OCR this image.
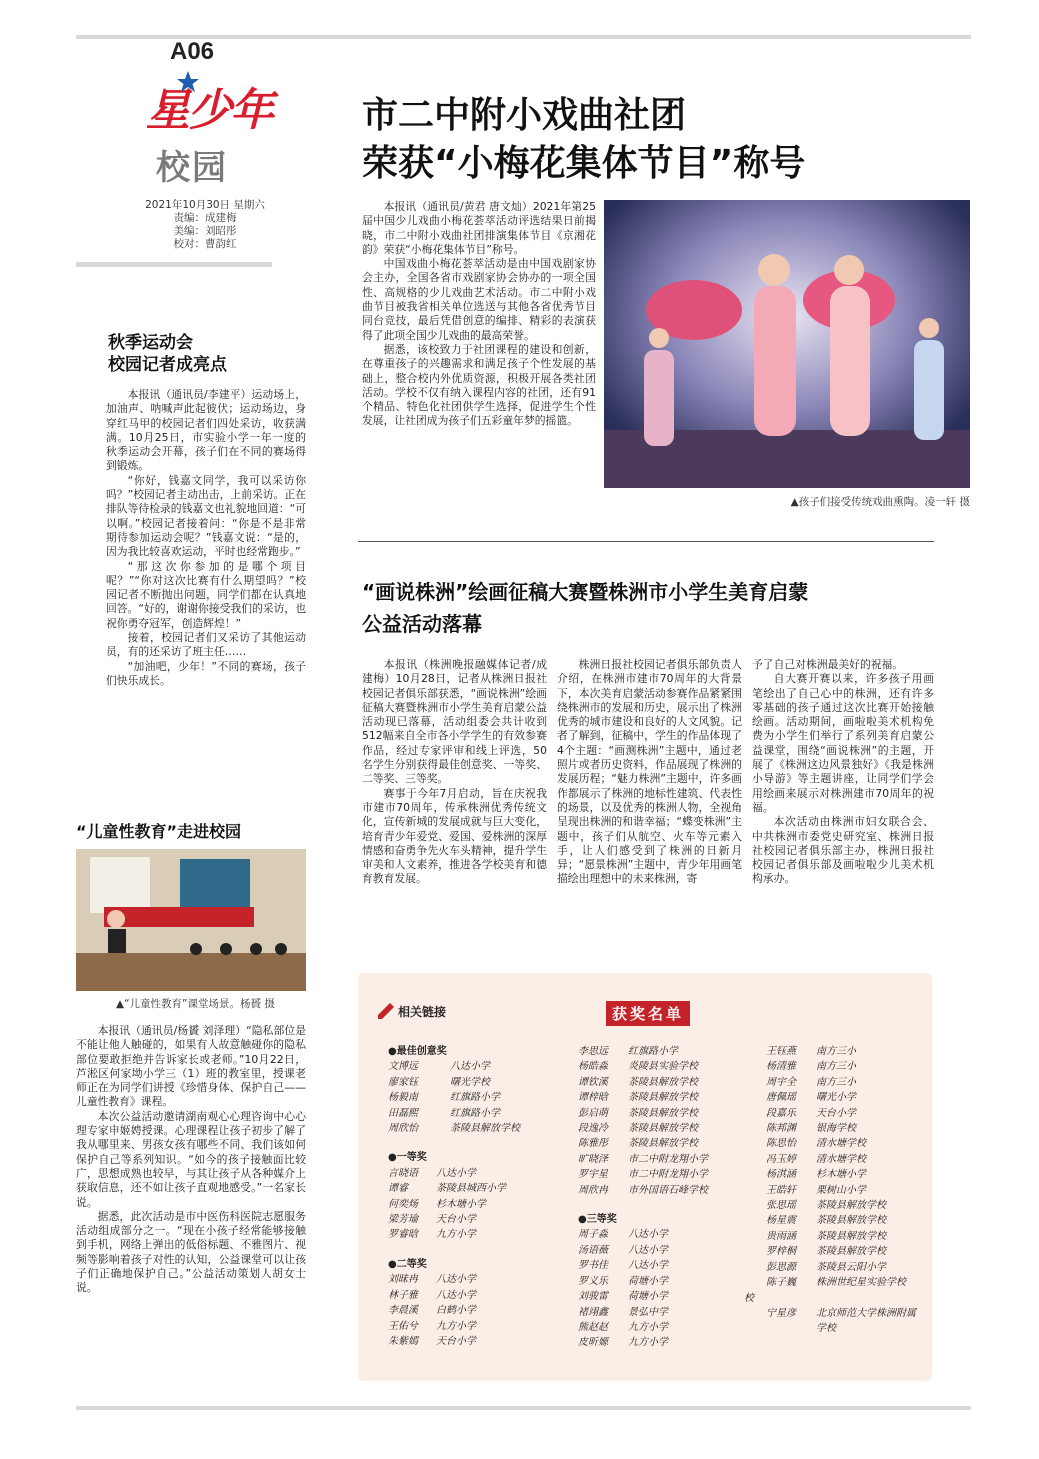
A06
星少年
校园
2021年10月30日 星期六
责编：成建梅
美编：刘昭彤
校对：曹韵红
市二中附小戏曲社团
荣获“小梅花集体节目”称号

本报讯（通讯员/黄君 唐文灿）2021年第25届中国少儿戏曲小梅花荟萃活动评选结果日前揭晓，市二中附小戏曲社团排演集体节目《京湘花韵》荣获“小梅花集体节目”称号。

中国戏曲小梅花荟萃活动是由中国戏剧家协会主办，全国各省市戏剧家协会协办的一项全国性、高规格的少儿戏曲艺术活动。市二中附小戏曲节目被我省相关单位选送与其他各省优秀节目同台竞技，最后凭借创意的编排、精彩的表演获得了此项全国少儿戏曲的最高荣誉。

据悉，该校致力于社团课程的建设和创新，在尊重孩子的兴趣需求和满足孩子个性发展的基础上，整合校内外优质资源，积极开展各类社团活动。学校不仅有纳入课程内容的社团，还有91个精品、特色化社团供学生选择，促进学生个性发展，让社团成为孩子们五彩童年梦的摇篮。

▲孩子们接受传统戏曲熏陶。凌一轩 摄
秋季运动会
校园记者成亮点

本报讯（通讯员/李建平）运动场上，加油声、呐喊声此起彼伏；运动场边，身穿红马甲的校园记者们四处采访，收获满满。10月25日，市实验小学一年一度的秋季运动会开幕，孩子们在不同的赛场得到锻炼。

“你好，钱嘉文同学，我可以采访你吗？”校园记者主动出击，上前采访。正在排队等待检录的钱嘉文也礼貌地回道：“可以啊。”校园记者接着问：“你是不是非常期待参加运动会呢？”钱嘉文说：“是的，因为我比较喜欢运动，平时也经常跑步。”

“那这次你参加的是哪个项目呢？”“你对这次比赛有什么期望吗？”校园记者不断抛出问题，同学们都在认真地回答。“好的，谢谢你接受我们的采访，也祝你勇夺冠军，创造辉煌！”

接着，校园记者们又采访了其他运动员，有的还采访了班主任……

“加油吧，少年！”不同的赛场，孩子们快乐成长。

“儿童性教育”走进校园
▲“儿童性教育”课堂场景。杨贇 摄

本报讯（通讯员/杨贇 刘泽理）“隐私部位是不能让他人触碰的，如果有人故意触碰你的隐私部位要敢拒绝并告诉家长或老师。”10月22日，芦淞区何家坳小学三（1）班的教室里，授课老师正在为同学们讲授《珍惜身体、保护自己——儿童性教育》课程。

本次公益活动邀请湖南观心心理咨询中心心理专家申姬娉授课。心理课程让孩子初步了解了我从哪里来、男孩女孩有哪些不同、我们该如何保护自己等系列知识。“如今的孩子接触面比较广，思想成熟也较早，与其让孩子从各种媒介上获取信息，还不如让孩子直观地感受。”一名家长说。

据悉，此次活动是市中医伤科医院志愿服务活动组成部分之一。“现在小孩子经常能够接触到手机，网络上弹出的低俗标题、不雅图片、视频等影响着孩子对性的认知，公益课堂可以让孩子们正确地保护自己。”公益活动策划人胡女士说。

“画说株洲”绘画征稿大赛暨株洲市小学生美育启蒙
公益活动落幕

本报讯（株洲晚报融媒体记者/成建梅）10月28日，记者从株洲日报社校园记者俱乐部获悉，“画说株洲”绘画征稿大赛暨株洲市小学生美育启蒙公益活动现已落幕，活动组委会共计收到512幅来自全市各小学学生的有效参赛作品，经过专家评审和线上评选，50名学生分别获得最佳创意奖、一等奖、二等奖、三等奖。

赛事于今年7月启动，旨在庆祝我市建市70周年，传承株洲优秀传统文化，宣传新城的发展成就与巨大变化，培育青少年爱党、爱国、爱株洲的深厚情感和奋勇争先火车头精神，提升学生审美和人文素养，推进各学校美育和德育教育发展。

株洲日报社校园记者俱乐部负责人介绍，在株洲市建市70周年的大背景下，本次美育启蒙活动参赛作品紧紧围绕株洲市的发展和历史，展示出了株洲优秀的城市建设和良好的人文风貌。记者了解到，征稿中，学生的作品体现了4个主题：“画测株洲”主题中，通过老照片或者历史资料，作品展现了株洲的发展历程；“魅力株洲”主题中，许多画作都展示了株洲的地标性建筑、代表性的场景，以及优秀的株洲人物，全视角呈现出株洲的和谐幸福；“蝶变株洲”主题中，孩子们从航空、火车等元素入手，让人们感受到了株洲的日新月异；“愿景株洲”主题中，青少年用画笔描绘出理想中的未来株洲，寄

予了自己对株洲最美好的祝福。

自大赛开赛以来，许多孩子用画笔绘出了自己心中的株洲，还有许多零基础的孩子通过这次比赛开始接触绘画。活动期间，画啦啦美术机构免费为小学生们举行了系列美育启蒙公益课堂，围绕“画说株洲”的主题，开展了《株洲这边风景独好》《我是株洲小导游》等主题讲座，让同学们学会用绘画来展示对株洲建市70周年的祝福。

本次活动由株洲市妇女联合会、中共株洲市委党史研究室、株洲日报社校园记者俱乐部主办，株洲日报社校园记者俱乐部及画啦啦少儿美术机构承办。

相关链接	获奖名单
●最佳创意奖
文博远	八达小学
廖家钰	曙光学校
杨毅南	红旗路小学
田磊熙	红旗路小学
周欣怡	茶陵县解放学校
●一等奖
言晓语 八达小学
谭睿	茶陵县城西小学
何奕炀 杉木塘小学
梁芳瑜 天台小学
罗睿晗 九方小学
●二等奖
刘昧冉 八达小学
林子雅 八达小学
李晨溪 白鹤小学
王佑兮 九方小学
朱紫嫣 天台小学
李思远 红旗路小学
杨皓淼 炎陵县实验学校
谭钦溪 茶陵县解放学校
谭梓晗 茶陵县解放学校
彭启萌 茶陵县解放学校
段逸冷 茶陵县解放学校
陈雅彤 茶陵县解放学校
旷晓泽 市二中附龙翔小学
罗宇星 市二中附龙翔小学
周欣冉 市外国语石峰学校
●三等奖
周子淼 八达小学
汤语薇 八达小学
罗书佳 八达小学
罗义乐 荷塘小学
刘骏雷 荷塘小学
褚翊鑫 景弘中学
熊赵赵 九方小学
皮昕嫄 九方小学
王钰燕 南方三小
杨清雅 南方三小
周宇全 南方三小
唐佩瑶 曙光小学
段嘉乐 天台小学
陈邦渊 银海学校
陈思怡 清水塘学校
冯玉婷 清水塘学校
杨淇涵 杉木塘小学
王皓轩 栗树山小学
张思瑶 茶陵县解放学校
杨星震 茶陵县解放学校
贵雨涵 茶陵县解放学校
罗梓桐 茶陵县解放学校
彭思源 茶陵县云阳小学
陈子巍 株洲世纪星实验学校
校
宁星彦 北京师范大学株洲附属学校
